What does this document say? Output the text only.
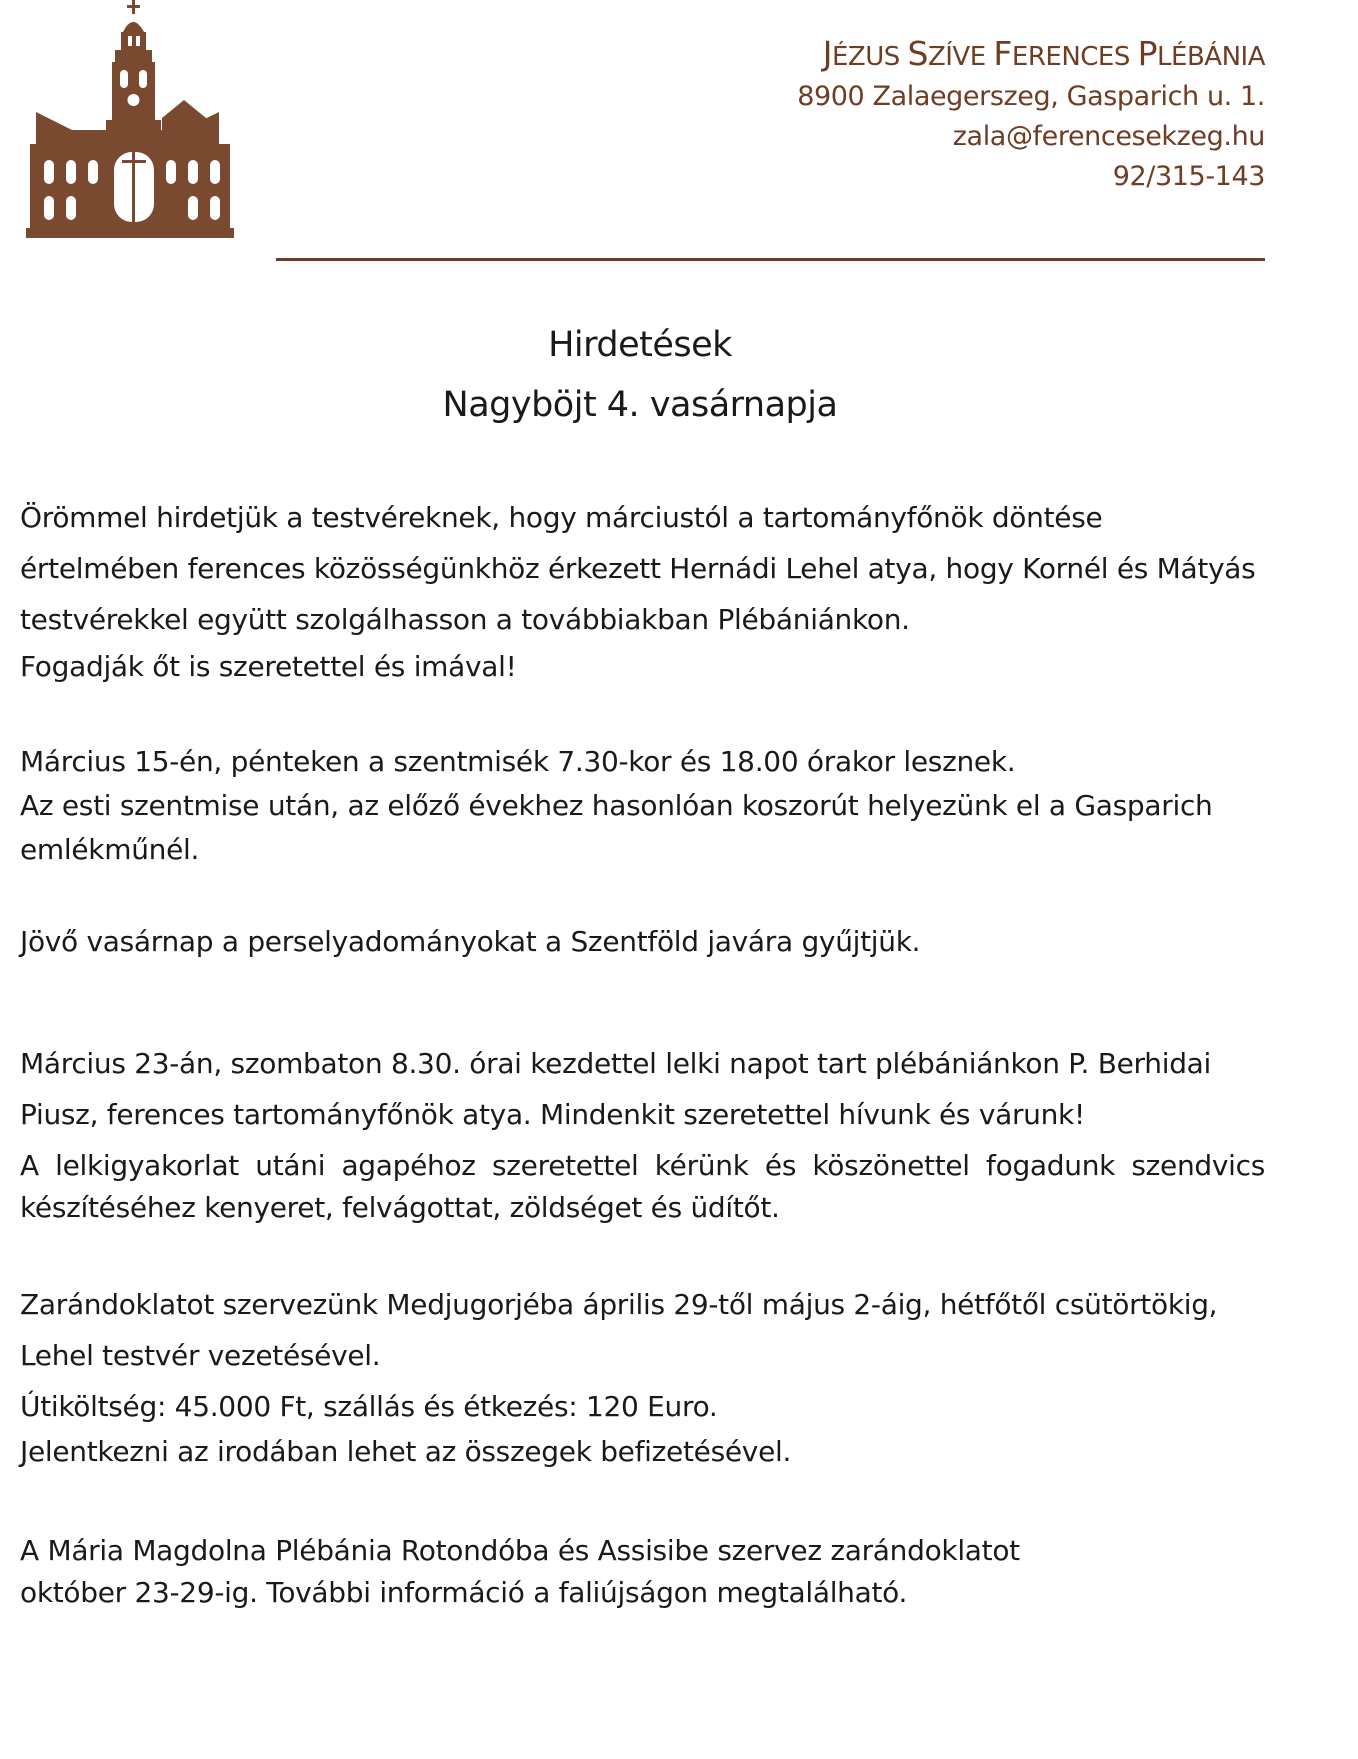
JÉZUS SZÍVE FERENCES PLÉBÁNIA
8900 Zalaegerszeg, Gasparich u. 1.
zala@ferencesekzeg.hu
92/315-143
Hirdetések
Nagyböjt 4. vasárnapja
Örömmel hirdetjük a testvéreknek, hogy márciustól a tartományfőnök döntése
értelmében ferences közösségünkhöz érkezett Hernádi Lehel atya, hogy Kornél és Mátyás
testvérekkel együtt szolgálhasson a továbbiakban Plébániánkon.
Fogadják őt is szeretettel és imával!
Március 15-én, pénteken a szentmisék 7.30-kor és 18.00 órakor lesznek.
Az esti szentmise után, az előző évekhez hasonlóan koszorút helyezünk el a Gasparich
emlékműnél.
Jövő vasárnap a perselyadományokat a Szentföld javára gyűjtjük.
Március 23-án, szombaton 8.30. órai kezdettel lelki napot tart plébániánkon P. Berhidai
Piusz, ferences tartományfőnök atya. Mindenkit szeretettel hívunk és várunk!
A lelkigyakorlat utáni agapéhoz szeretettel kérünk és köszönettel fogadunk szendvics
készítéséhez kenyeret, felvágottat, zöldséget és üdítőt.
Zarándoklatot szervezünk Medjugorjéba április 29-től május 2-áig, hétfőtől csütörtökig,
Lehel testvér vezetésével.
Útiköltség: 45.000 Ft, szállás és étkezés: 120 Euro.
Jelentkezni az irodában lehet az összegek befizetésével.
A Mária Magdolna Plébánia Rotondóba és Assisibe szervez zarándoklatot
október 23-29-ig. További információ a faliújságon megtalálható.
